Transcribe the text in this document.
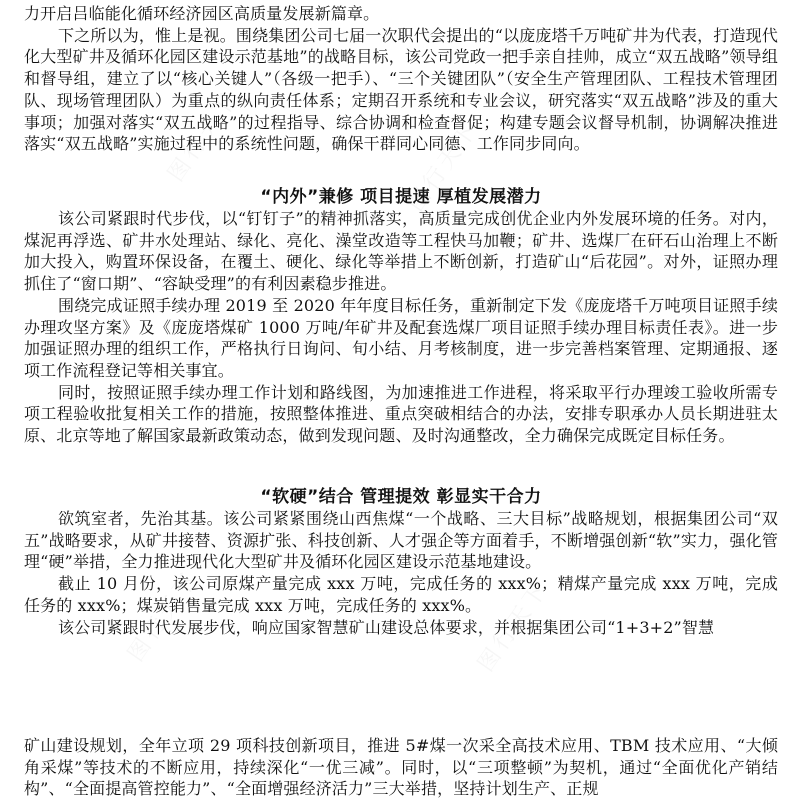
力开启吕临能化循环经济园区高质量发展新篇章。

下之所以为，惟上是视。围绕集团公司七届一次职代会提出的“以庞庞塔千万吨矿井为代表，打造现代化大型矿井及循环化园区建设示范基地”的战略目标，该公司党政一把手亲自挂帅，成立“双五战略”领导组和督导组，建立了以“核心关键人”（各级一把手）、“三个关键团队”（安全生产管理团队、工程技术管理团队、现场管理团队）为重点的纵向责任体系；定期召开系统和专业会议，研究落实“双五战略”涉及的重大事项；加强对落实“双五战略”的过程指导、综合协调和检查督促；构建专题会议督导机制，协调解决推进落实“双五战略”实施过程中的系统性问题，确保干群同心同德、工作同步同向。

“内外”兼修 项目提速 厚植发展潜力

该公司紧跟时代步伐，以“钉钉子”的精神抓落实，高质量完成创优企业内外发展环境的任务。对内，煤泥再浮选、矿井水处理站、绿化、亮化、澡堂改造等工程快马加鞭；矿井、选煤厂在矸石山治理上不断加大投入，购置环保设备，在覆土、硬化、绿化等举措上不断创新，打造矿山“后花园”。对外，证照办理抓住了“窗口期”、“容缺受理”的有利因素稳步推进。

围绕完成证照手续办理 2019 至 2020 年年度目标任务，重新制定下发《庞庞塔千万吨项目证照手续办理攻坚方案》及《庞庞塔煤矿 1000 万吨/年矿井及配套选煤厂项目证照手续办理目标责任表》。进一步加强证照办理的组织工作，严格执行日询问、旬小结、月考核制度，进一步完善档案管理、定期通报、逐项工作流程登记等相关事宜。

同时，按照证照手续办理工作计划和路线图，为加速推进工作进程，将采取平行办理竣工验收所需专项工程验收批复相关工作的措施，按照整体推进、重点突破相结合的办法，安排专职承办人员长期进驻太原、北京等地了解国家最新政策动态，做到发现问题、及时沟通整改，全力确保完成既定目标任务。

“软硬”结合 管理提效 彰显实干合力

欲筑室者，先治其基。该公司紧紧围绕山西焦煤“一个战略、三大目标”战略规划，根据集团公司“双五”战略要求，从矿井接替、资源扩张、科技创新、人才强企等方面着手，不断增强创新“软”实力，强化管理“硬”举措，全力推进现代化大型矿井及循环化园区建设示范基地建设。

截止 10 月份，该公司原煤产量完成 xxx 万吨，完成任务的 xxx%；精煤产量完成 xxx 万吨，完成任务的 xxx%；煤炭销售量完成 xxx 万吨，完成任务的 xxx%。

该公司紧跟时代发展步伐，响应国家智慧矿山建设总体要求，并根据集团公司“1+3+2”智慧

矿山建设规划，全年立项 29 项科技创新项目，推进 5#煤一次采全高技术应用、TBM 技术应用、“大倾角采煤”等技术的不断应用，持续深化“一优三减”。同时，以“三项整顿”为契机，通过“全面优化产销结构”、“全面提高管控能力”、“全面增强经济活力”三大举措，坚持计划生产、正规

图行天下	图行天下
图行天下	图行天下
